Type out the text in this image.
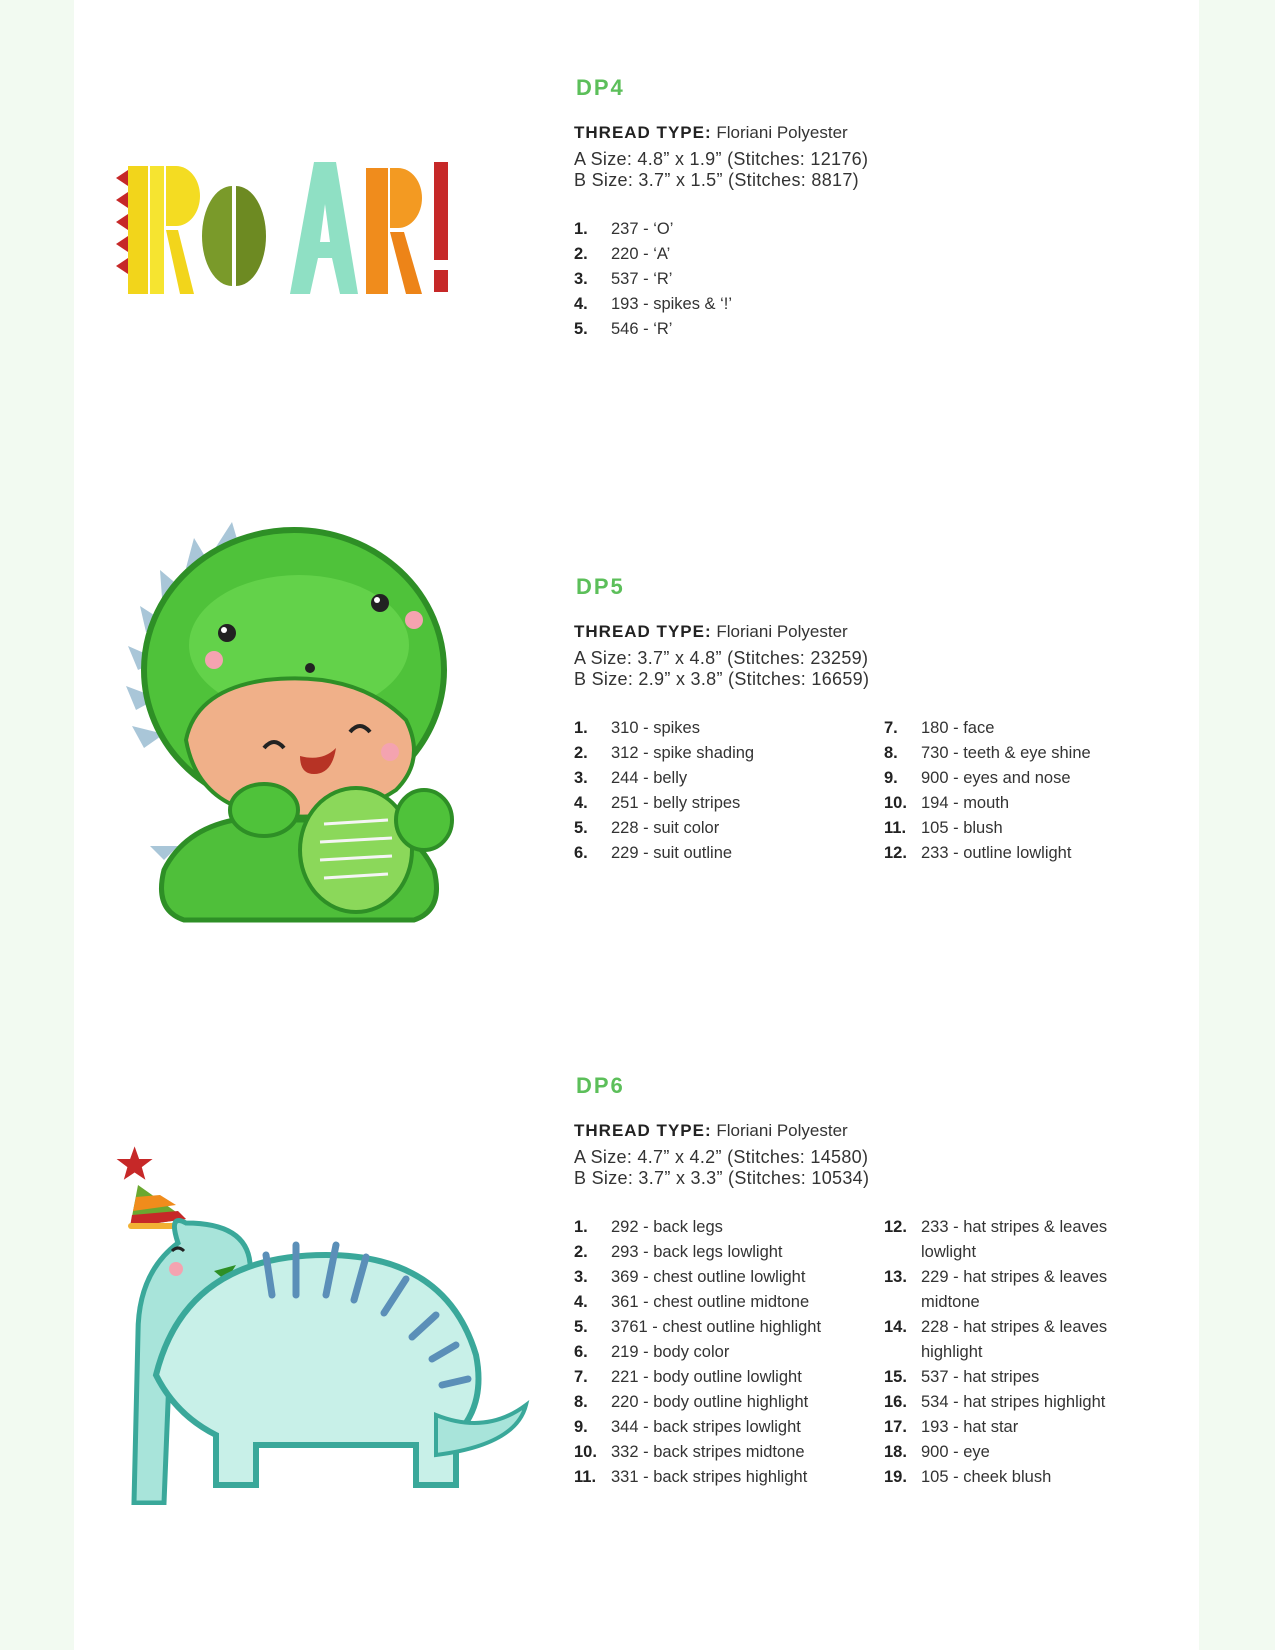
DP4
THREAD TYPE: Floriani Polyester
A Size: 4.8” x 1.9” (Stitches: 12176)
B Size: 3.7” x 1.5” (Stitches: 8817)
1.	237 - ‘O’
2.	220 - ‘A’
3.	537 - ‘R’
4.	193 - spikes & ‘!’
5.	546 - ‘R’
DP5
THREAD TYPE: Floriani Polyester
A Size: 3.7” x 4.8” (Stitches: 23259)
B Size: 2.9” x 3.8” (Stitches: 16659)
1.	310 - spikes
2.	312 - spike shading
3.	244 - belly
4.	251 - belly stripes
5.	228 - suit color
6.	229 - suit outline
7.	180 - face
8.	730 - teeth & eye shine
9.	900 - eyes and nose
10. 194 - mouth
11. 105 - blush
12. 233 - outline lowlight
DP6
THREAD TYPE: Floriani Polyester
A Size: 4.7” x 4.2” (Stitches: 14580)
B Size: 3.7” x 3.3” (Stitches: 10534)
1.	292 - back legs
2.	293 - back legs lowlight
3.	369 - chest outline lowlight
4.	361 - chest outline midtone
5.	3761 - chest outline highlight
6.	219 - body color
7.	221 - body outline lowlight
8.	220 - body outline highlight
9.	344 - back stripes lowlight
10. 332 - back stripes midtone
11. 331 - back stripes highlight
12. 233 - hat stripes & leaves lowlight
13. 229 - hat stripes & leaves midtone
14. 228 - hat stripes & leaves highlight
15. 537 - hat stripes
16. 534 - hat stripes highlight
17. 193 - hat star
18. 900 - eye
19. 105 - cheek blush
